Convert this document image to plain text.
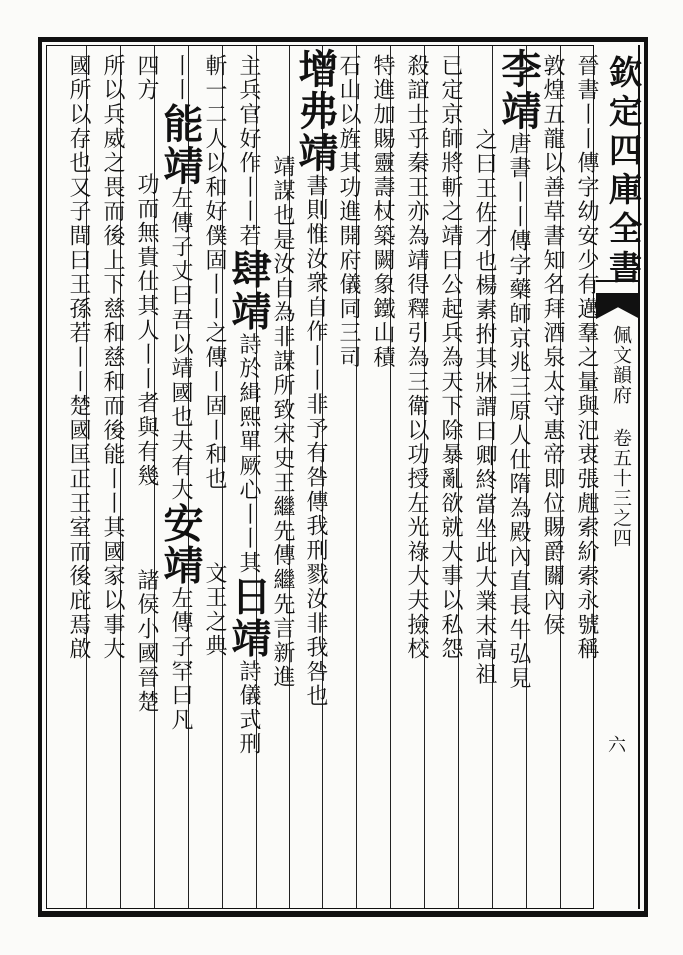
欽定四庫全書
佩文韻府 卷五十三之四
六
晉書丨丨傳字幼安少有邁羣之量與汜衷張甝索紒索永號稱
敦煌五龍以善草書知名拜酒泉太守惠帝即位賜爵關內侯
李靖唐書丨丨傳字藥師京兆三原人仕隋為殿內直長牛弘見
之曰王佐才也楊素拊其牀謂曰卿終當坐此大業末高祖
已定京師將斬之靖曰公起兵為天下除暴亂欲就大事以私怨
殺誼士乎秦王亦為靖得釋引為三衛以功授左光祿大夫撿校
特進加賜靈壽杖築闕象鐵山積
石山以旌其功進開府儀同三司
增弗靖書則惟汝衆自作丨丨非予有咎傳我刑戮汝非我咎也
靖謀也是汝自為非謀所致宋史王繼先傳繼先言新進
主兵官好作丨丨若肆靖詩於緝熙單厥心丨丨其日靖詩儀式刑
斬一二人以和好僕固丨丨之傳丨固丨和也文王之典
丨丨能靖左傳子丈曰吾以靖國也夫有大安靖左傳子罕曰凡
四方功而無貴仕其人丨丨者與有幾諸侯小國晉楚
所以兵威之畏而後上下慈和慈和而後能丨丨其國家以事大
國所以存也又子間曰王孫若丨丨楚國匡正王室而後庇焉啟
